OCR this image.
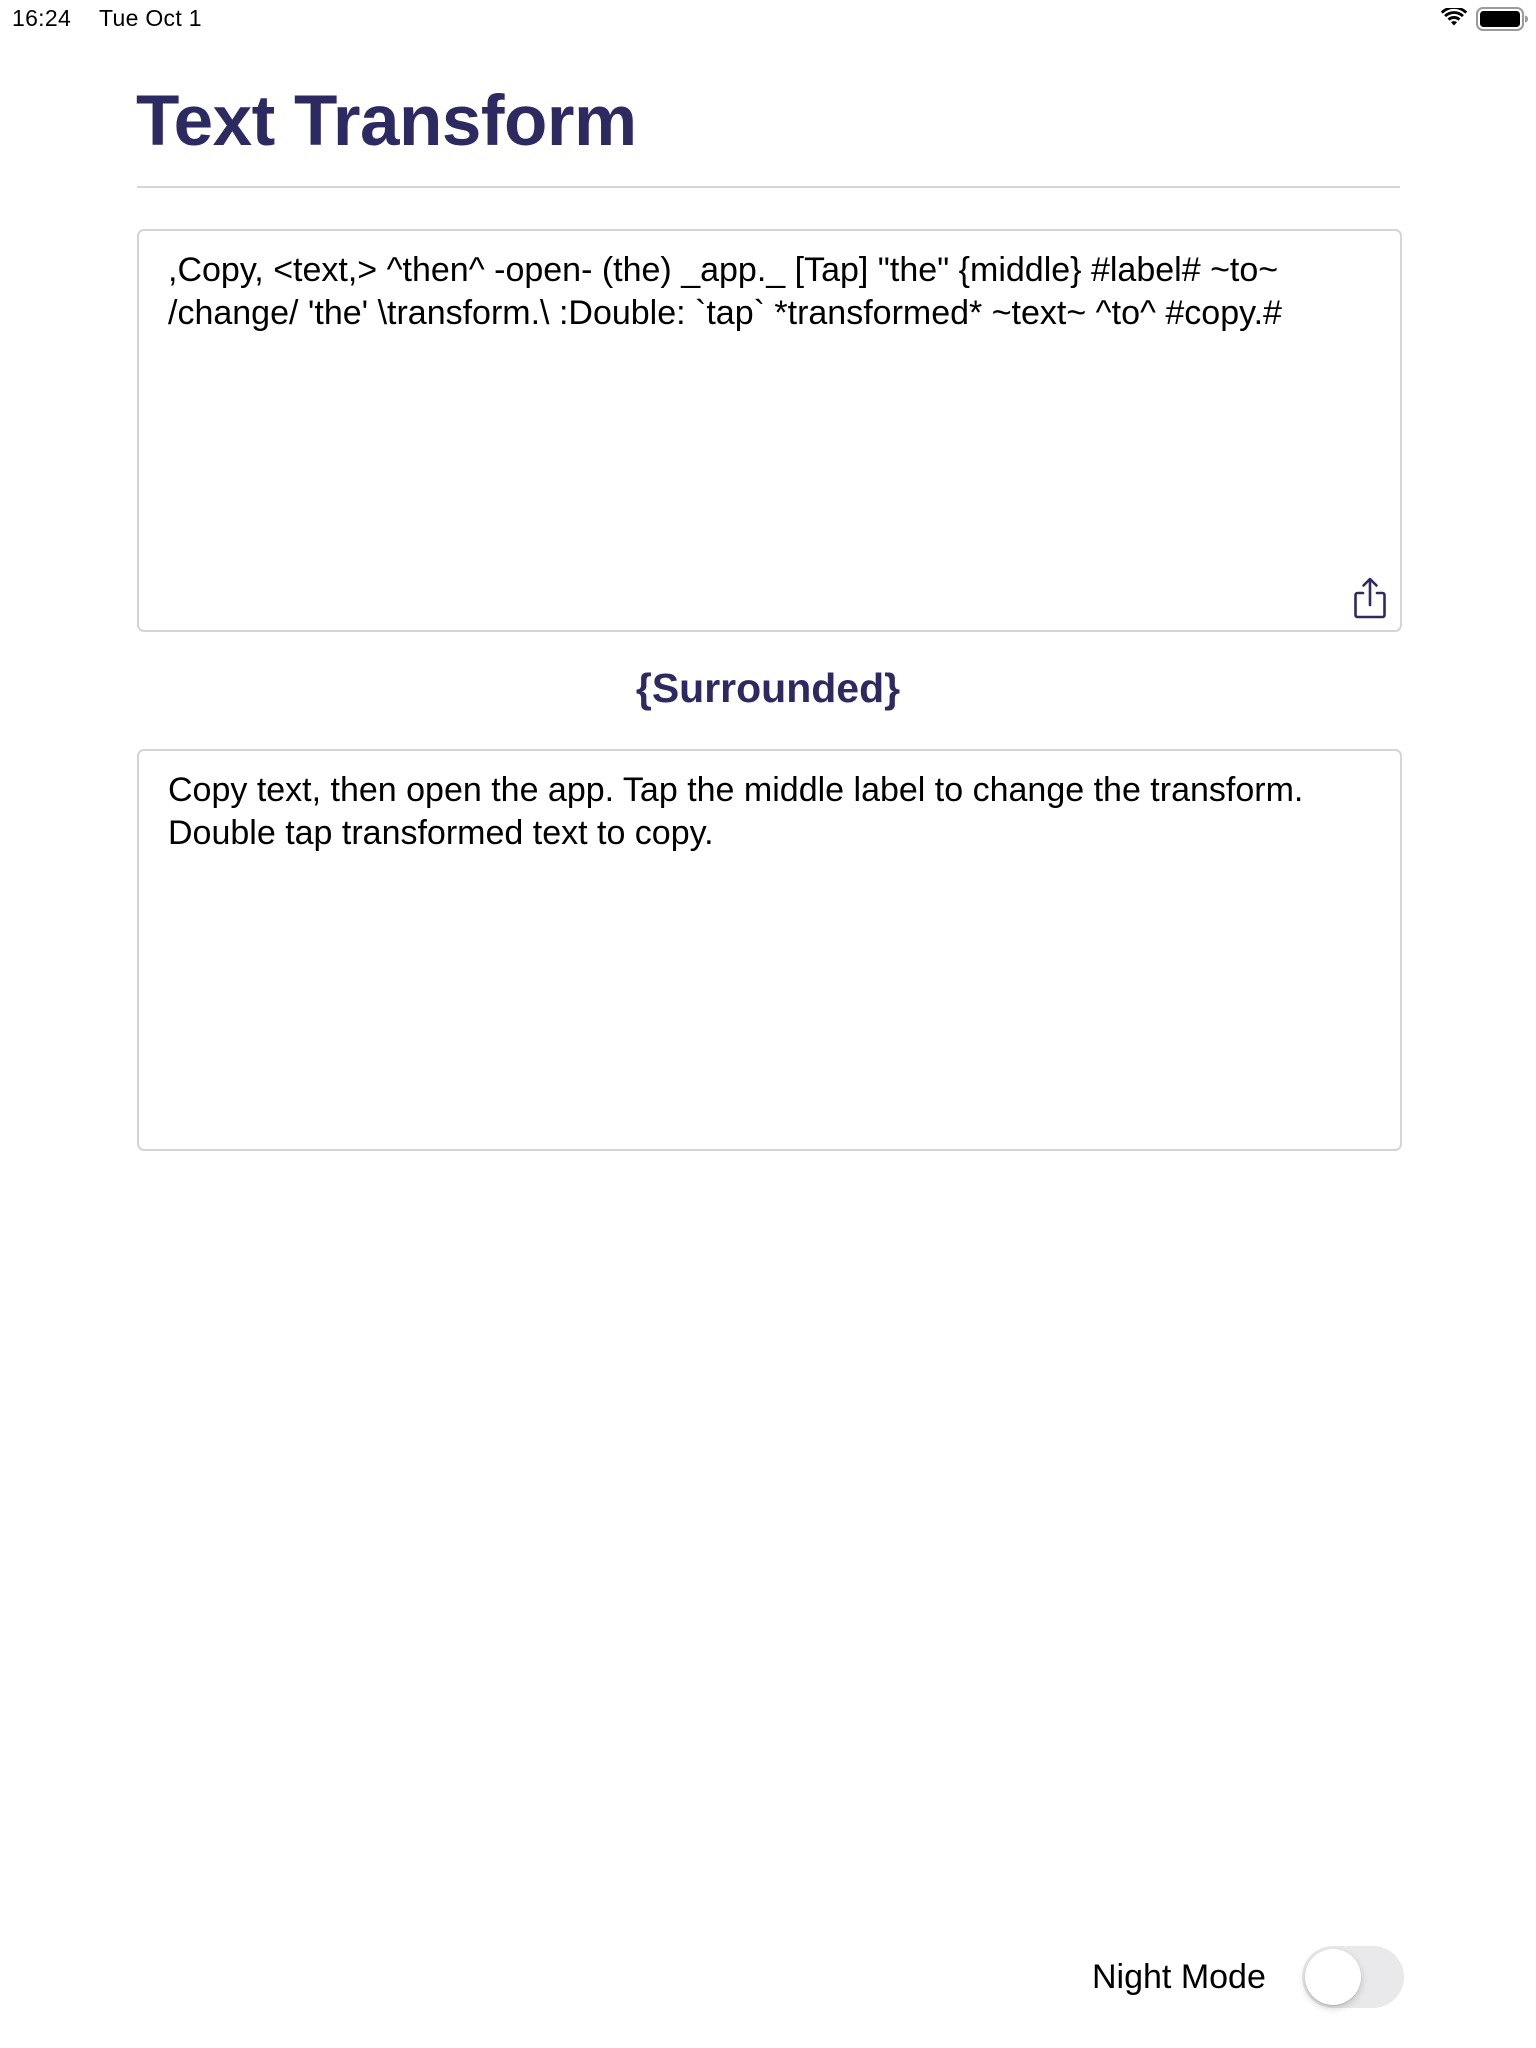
16:24 Tue Oct 1
Text Transform
,Copy, <text,> ^then^ -open- (the) _app._ [Tap] "the" {middle} #label# ~to~ /change/ 'the' \transform.\ :Double: `tap` *transformed* ~text~ ^to^ #copy.#
{Surrounded}
Copy text, then open the app. Tap the middle label to change the transform. Double tap transformed text to copy.
Night Mode
